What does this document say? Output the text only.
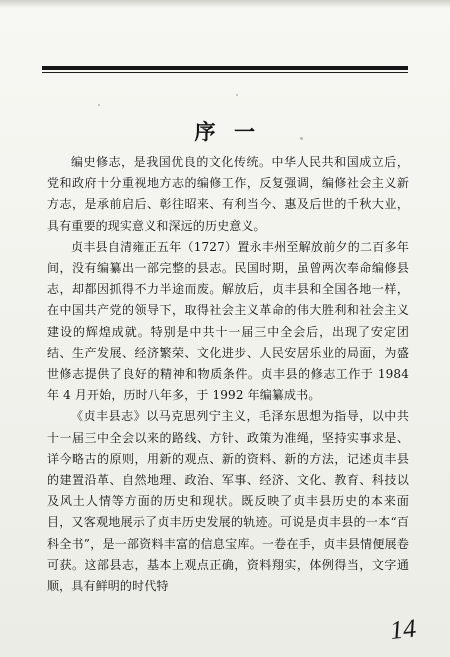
序 一

编史修志，是我国优良的文化传统。中华人民共和国成立后，党和政府十分重视地方志的编修工作，反复强调，编修社会主义新方志，是承前启后、彰往昭来、有利当今、惠及后世的千秋大业，具有重要的现实意义和深远的历史意义。

贞丰县自清雍正五年（1727）置永丰州至解放前夕的二百多年间，没有编纂出一部完整的县志。民国时期，虽曾两次奉命编修县志，却都因抓得不力半途而废。解放后，贞丰县和全国各地一样，在中国共产党的领导下，取得社会主义革命的伟大胜利和社会主义建设的辉煌成就。特别是中共十一届三中全会后，出现了安定团结、生产发展、经济繁荣、文化进步、人民安居乐业的局面，为盛世修志提供了良好的精神和物质条件。贞丰县的修志工作于 1984 年 4 月开始，历时八年多，于 1992 年编纂成书。

《贞丰县志》以马克思列宁主义，毛泽东思想为指导，以中共十一届三中全会以来的路线、方针、政策为准绳，坚持实事求是、详今略古的原则，用新的观点、新的资料、新的方法，记述贞丰县的建置沿革、自然地理、政治、军事、经济、文化、教育、科技以及风土人情等方面的历史和现状。既反映了贞丰县历史的本来面目，又客观地展示了贞丰历史发展的轨迹。可说是贞丰县的一本“百科全书”，是一部资料丰富的信息宝库。一卷在手，贞丰县情便展卷可获。这部县志，基本上观点正确，资料翔实，体例得当，文字通顺，具有鲜明的时代特

14
